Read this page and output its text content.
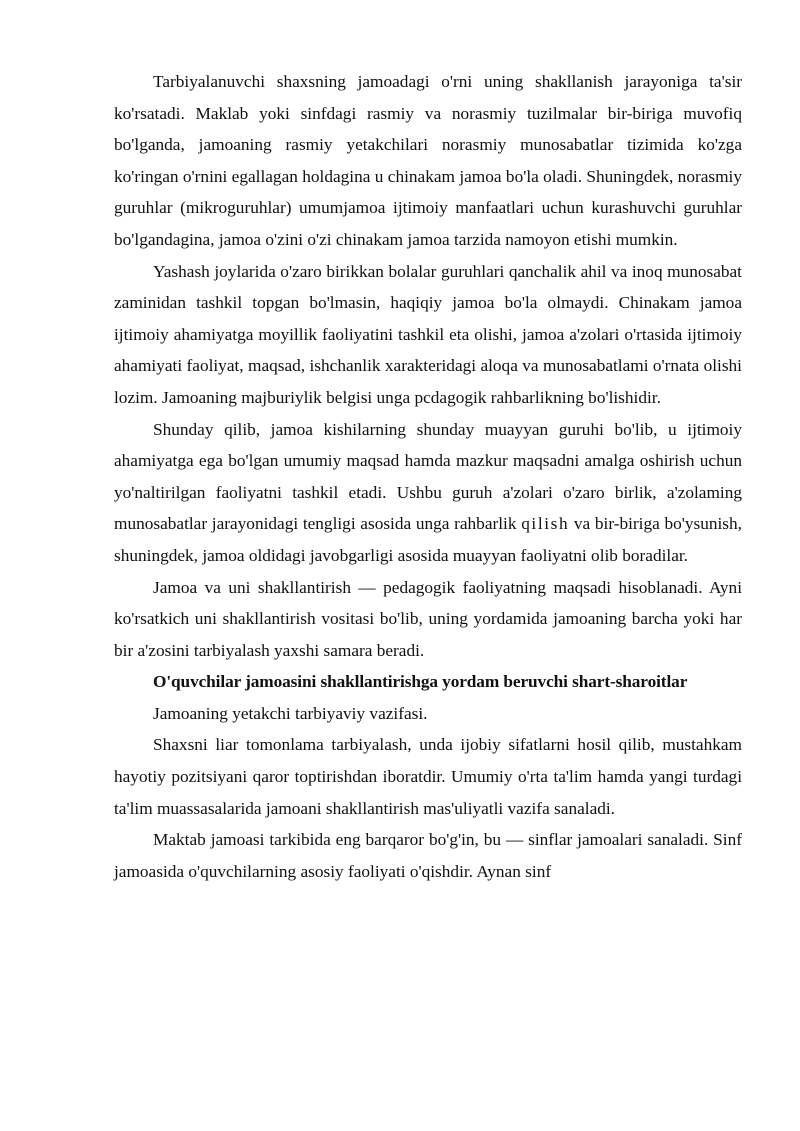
Tarbiyalanuvchi shaxsning jamoadagi o'rni uning shakllanish jarayoniga ta'sir ko'rsatadi. Maklab yoki sinfdagi rasmiy va norasmiy tuzilmalar bir-biriga muvofiq bo'lganda, jamoaning rasmiy yetakchilari norasmiy munosabatlar tizimida ko'zga ko'ringan o'rnini egallagan holdagina u chinakam jamoa bo'la oladi. Shuningdek, norasmiy guruhlar (mikroguruhlar) umumjamoa ijtimoiy manfaatlari uchun kurashuvchi guruhlar bo'lgandagina, jamoa o'zini o'zi chinakam jamoa tarzida namoyon etishi mumkin.

Yashash joylarida o'zaro birikkan bolalar guruhlari qanchalik ahil va inoq munosabat zaminidan tashkil topgan bo'lmasin, haqiqiy jamoa bo'la olmaydi. Chinakam jamoa ijtimoiy ahamiyatga moyillik faoliyatini tashkil eta olishi, jamoa a'zolari o'rtasida ijtimoiy ahamiyati faoliyat, maqsad, ishchanlik xarakteridagi aloqa va munosabatlami o'rnata olishi lozim. Jamoaning majburiylik belgisi unga pcdagogik rahbarlikning bo'lishidir.

Shunday qilib, jamoa kishilarning shunday muayyan guruhi bo'lib, u ijtimoiy ahamiyatga ega bo'lgan umumiy maqsad hamda mazkur maqsadni amalga oshirish uchun yo'naltirilgan faoliyatni tashkil etadi. Ushbu guruh a'zolari o'zaro birlik, a'zolaming munosabatlar jarayonidagi tengligi asosida unga rahbarlik qilish va bir-biriga bo'ysunish, shuningdek, jamoa oldidagi javobgarligi asosida muayyan faoliyatni olib boradilar.

Jamoa va uni shakllantirish — pedagogik faoliyatning maqsadi hisoblanadi. Ayni ko'rsatkich uni shakllantirish vositasi bo'lib, uning yordamida jamoaning barcha yoki har bir a'zosini tarbiyalash yaxshi samara beradi.

O'quvchilar jamoasini shakllantirishga yordam beruvchi shart-sharoitlar

Jamoaning yetakchi tarbiyaviy vazifasi.

Shaxsni liar tomonlama tarbiyalash, unda ijobiy sifatlarni hosil qilib, mustahkam hayotiy pozitsiyani qaror toptirishdan iboratdir. Umumiy o'rta ta'lim hamda yangi turdagi ta'lim muassasalarida jamoani shakllantirish mas'uliyatli vazifa sanaladi.

Maktab jamoasi tarkibida eng barqaror bo'g'in, bu — sinflar jamoalari sanaladi. Sinf jamoasida o'quvchilarning asosiy faoliyati o'qishdir. Aynan sinf
